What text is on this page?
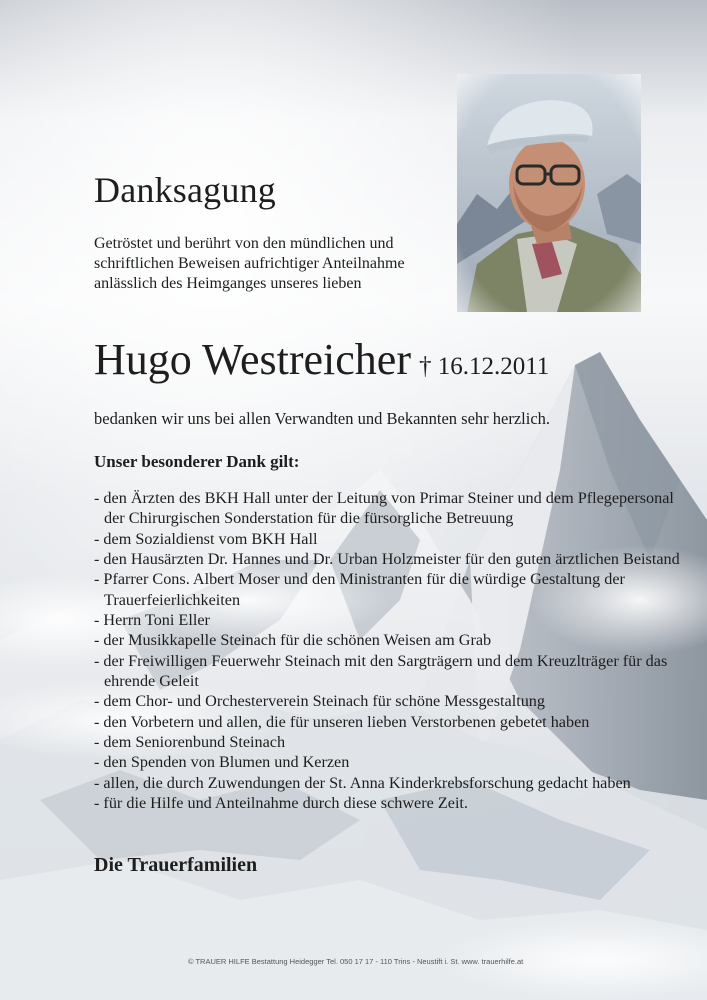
Danksagung
Getröstet und berührt von den mündlichen und schriftlichen Beweisen aufrichtiger Anteilnahme anlässlich des Heimganges unseres lieben
Hugo Westreicher † 16.12.2011
bedanken wir uns bei allen Verwandten und Bekannten sehr herzlich.
Unser besonderer Dank gilt:
- den Ärzten des BKH Hall unter der Leitung von Primar Steiner und dem Pflegepersonal der Chirurgischen Sonderstation für die fürsorgliche Betreuung
- dem Sozialdienst vom BKH Hall
- den Hausärzten Dr. Hannes und Dr. Urban Holzmeister für den guten ärztlichen Beistand
- Pfarrer Cons. Albert Moser und den Ministranten für die würdige Gestaltung der Trauerfeierlichkeiten
- Herrn Toni Eller
- der Musikkapelle Steinach für die schönen Weisen am Grab
- der Freiwilligen Feuerwehr Steinach mit den Sargträgern und dem Kreuzlträger für das ehrende Geleit
- dem Chor- und Orchesterverein Steinach für schöne Messgestaltung
- den Vorbetern und allen, die für unseren lieben Verstorbenen gebetet haben
- dem Seniorenbund Steinach
- den Spenden von Blumen und Kerzen
- allen, die durch Zuwendungen der St. Anna Kinderkrebsforschung gedacht haben
- für die Hilfe und Anteilnahme durch diese schwere Zeit.
Die Trauerfamilien
© TRAUER HILFE Bestattung Heidegger Tel. 050 17 17 - 110 Trins - Neustift i. St. www. trauerhilfe.at
